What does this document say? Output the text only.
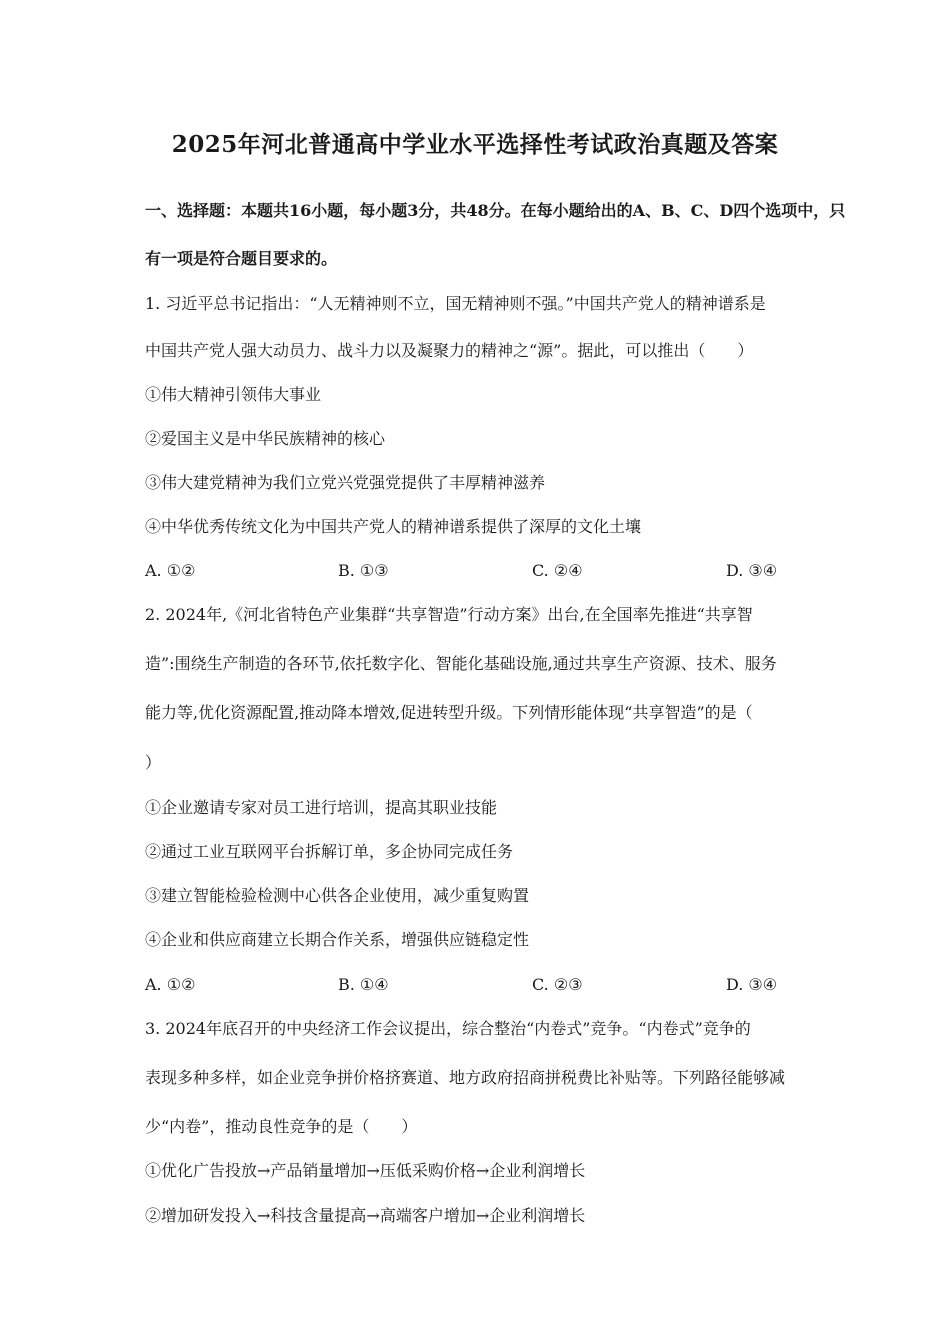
2025年河北普通高中学业水平选择性考试政治真题及答案
一、选择题：本题共16小题，每小题3分，共48分。在每小题给出的A、B、C、D四个选项中，只
有一项是符合题目要求的。
1. 习近平总书记指出：“人无精神则不立，国无精神则不强。”中国共产党人的精神谱系是
中国共产党人强大动员力、战斗力以及凝聚力的精神之“源”。据此，可以推出（　　）
①伟大精神引领伟大事业
②爱国主义是中华民族精神的核心
③伟大建党精神为我们立党兴党强党提供了丰厚精神滋养
④中华优秀传统文化为中国共产党人的精神谱系提供了深厚的文化土壤
A. ①②	B. ①③	C. ②④	D. ③④
2. 2024年,《河北省特色产业集群“共享智造”行动方案》出台,在全国率先推进“共享智
造”:围绕生产制造的各环节,依托数字化、智能化基础设施,通过共享生产资源、技术、服务
能力等,优化资源配置,推动降本增效,促进转型升级。下列情形能体现“共享智造”的是（
）
①企业邀请专家对员工进行培训，提高其职业技能
②通过工业互联网平台拆解订单，多企协同完成任务
③建立智能检验检测中心供各企业使用，减少重复购置
④企业和供应商建立长期合作关系，增强供应链稳定性
A. ①②	B. ①④	C. ②③	D. ③④
3. 2024年底召开的中央经济工作会议提出，综合整治“内卷式”竞争。“内卷式”竞争的
表现多种多样，如企业竞争拼价格挤赛道、地方政府招商拼税费比补贴等。下列路径能够减
少“内卷”，推动良性竞争的是（　　）
①优化广告投放→产品销量增加→压低采购价格→企业利润增长
②增加研发投入→科技含量提高→高端客户增加→企业利润增长
